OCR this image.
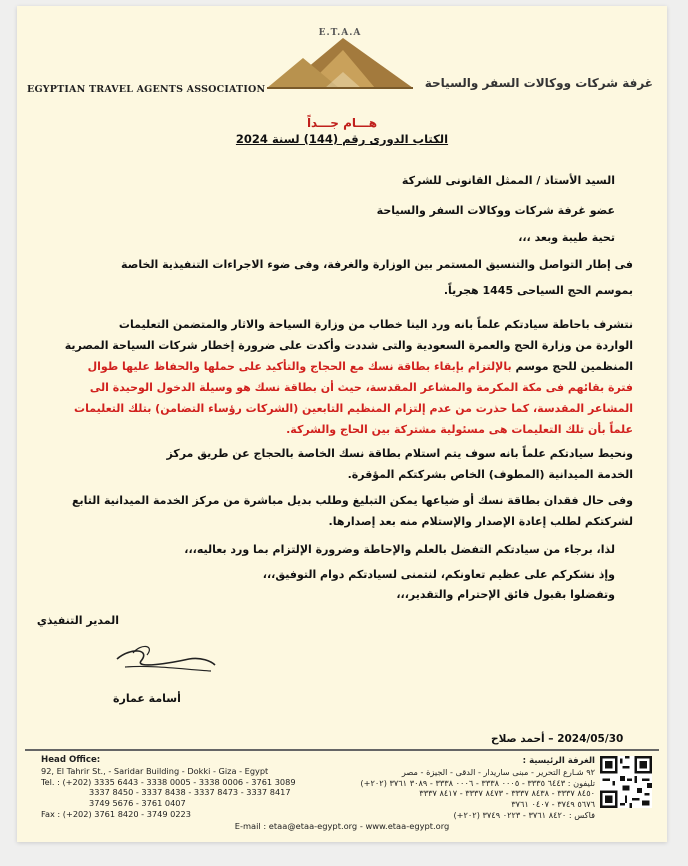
EGYPTIAN TRAVEL AGENTS ASSOCIATION
E.T.A.A
غرفة شركات ووكالات السفر والسياحة
هـــام جـــداً
الكتاب الدورى رقم (144) لسنة 2024
السيد الأستاذ / الممثل القانونى للشركة
عضو غرفة شركات ووكالات السفر والسياحة
تحية طيبة وبعد ،،،
فى إطار التواصل والتنسيق المستمر بين الوزارة والغرفة، وفى ضوء الاجراءات التنفيذية الخاصة
بموسم الحج السياحى 1445 هجرياً.
نتشرف باحاطة سيادتكم علماً بانه ورد الينا خطاب من وزارة السياحة والاثار والمتضمن التعليمات
الواردة من وزارة الحج والعمرة السعودية والتى شددت وأكدت على ضرورة إخطار شركات السياحة المصرية
المنظمين للحج موسم بالإلتزام بإبقاء بطاقة نسك مع الحجاج والتأكيد على حملها والحفاظ عليها طوال
فترة بقائهم فى مكة المكرمة والمشاعر المقدسة، حيث أن بطاقة نسك هو وسيلة الدخول الوحيدة الى
المشاعر المقدسة، كما حذرت من عدم إلتزام المنظيم التابعين (الشركات رؤساء التضامن) بتلك التعليمات
علماً بأن تلك التعليمات هى مسئولية مشتركة بين الحاج والشركة.
ونحيط سيادتكم علماً بانه سوف يتم استلام بطاقة نسك الخاصة بالحجاج عن طريق مركز
الخدمة الميدانية (المطوف) الخاص بشركتكم المؤقرة.
وفى حال فقدان بطاقة نسك أو ضياعها يمكن التبليغ وطلب بديل مباشرة من مركز الخدمة الميدانية التابع
لشركتكم لطلب إعادة الإصدار والإستلام منه بعد إصدارها.
لذا، برجاء من سيادتكم التفضل بالعلم والإحاطة وضرورة الإلتزام بما ورد بعاليه،،،
وإذ نشكركم على عظيم تعاونكم، لنتمنى لسيادتكم دوام التوفيق،،،
وتفضلوا بقبول فائق الإحترام والتقدير،،،
المدير التنفيذي
أسامة عمارة
2024/05/30 – أحمد صلاح
Head Office:
92, El Tahrir St., - Saridar Building - Dokki - Giza - Egypt
Tel. : (+202) 3335 6443 - 3338 0005 - 3338 0006 - 3761 3089
3337 8450 - 3337 8438 - 3337 8473 - 3337 8417
3749 5676 - 3761 0407
Fax : (+202) 3761 8420 - 3749 0223
الغرفة الرئيسية :
٩٢ شـارع التحرير - مبنى ساريدار - الدقى - الجيزة - مصر
تليفون : ٦٤٤٣ ٣٣٣٥ - ٠٠٠٥ ٣٣٣٨ - ٠٠٠٦ ٣٣٣٨ - ٣٠٨٩ ٣٧٦١ (٢٠٢+)
٨٤٥٠ ٣٣٣٧ - ٨٤٣٨ ٣٣٣٧ - ٨٤٧٣ ٣٣٣٧ - ٨٤١٧ ٣٣٣٧
٥٦٧٦ ٣٧٤٩ - ٠٤٠٧ ٣٧٦١
فاكس : ٨٤٢٠ ٣٧٦١ - ٠٢٢٣ ٣٧٤٩ (٢٠٢+)
E-mail : etaa@etaa-egypt.org - www.etaa-egypt.org
